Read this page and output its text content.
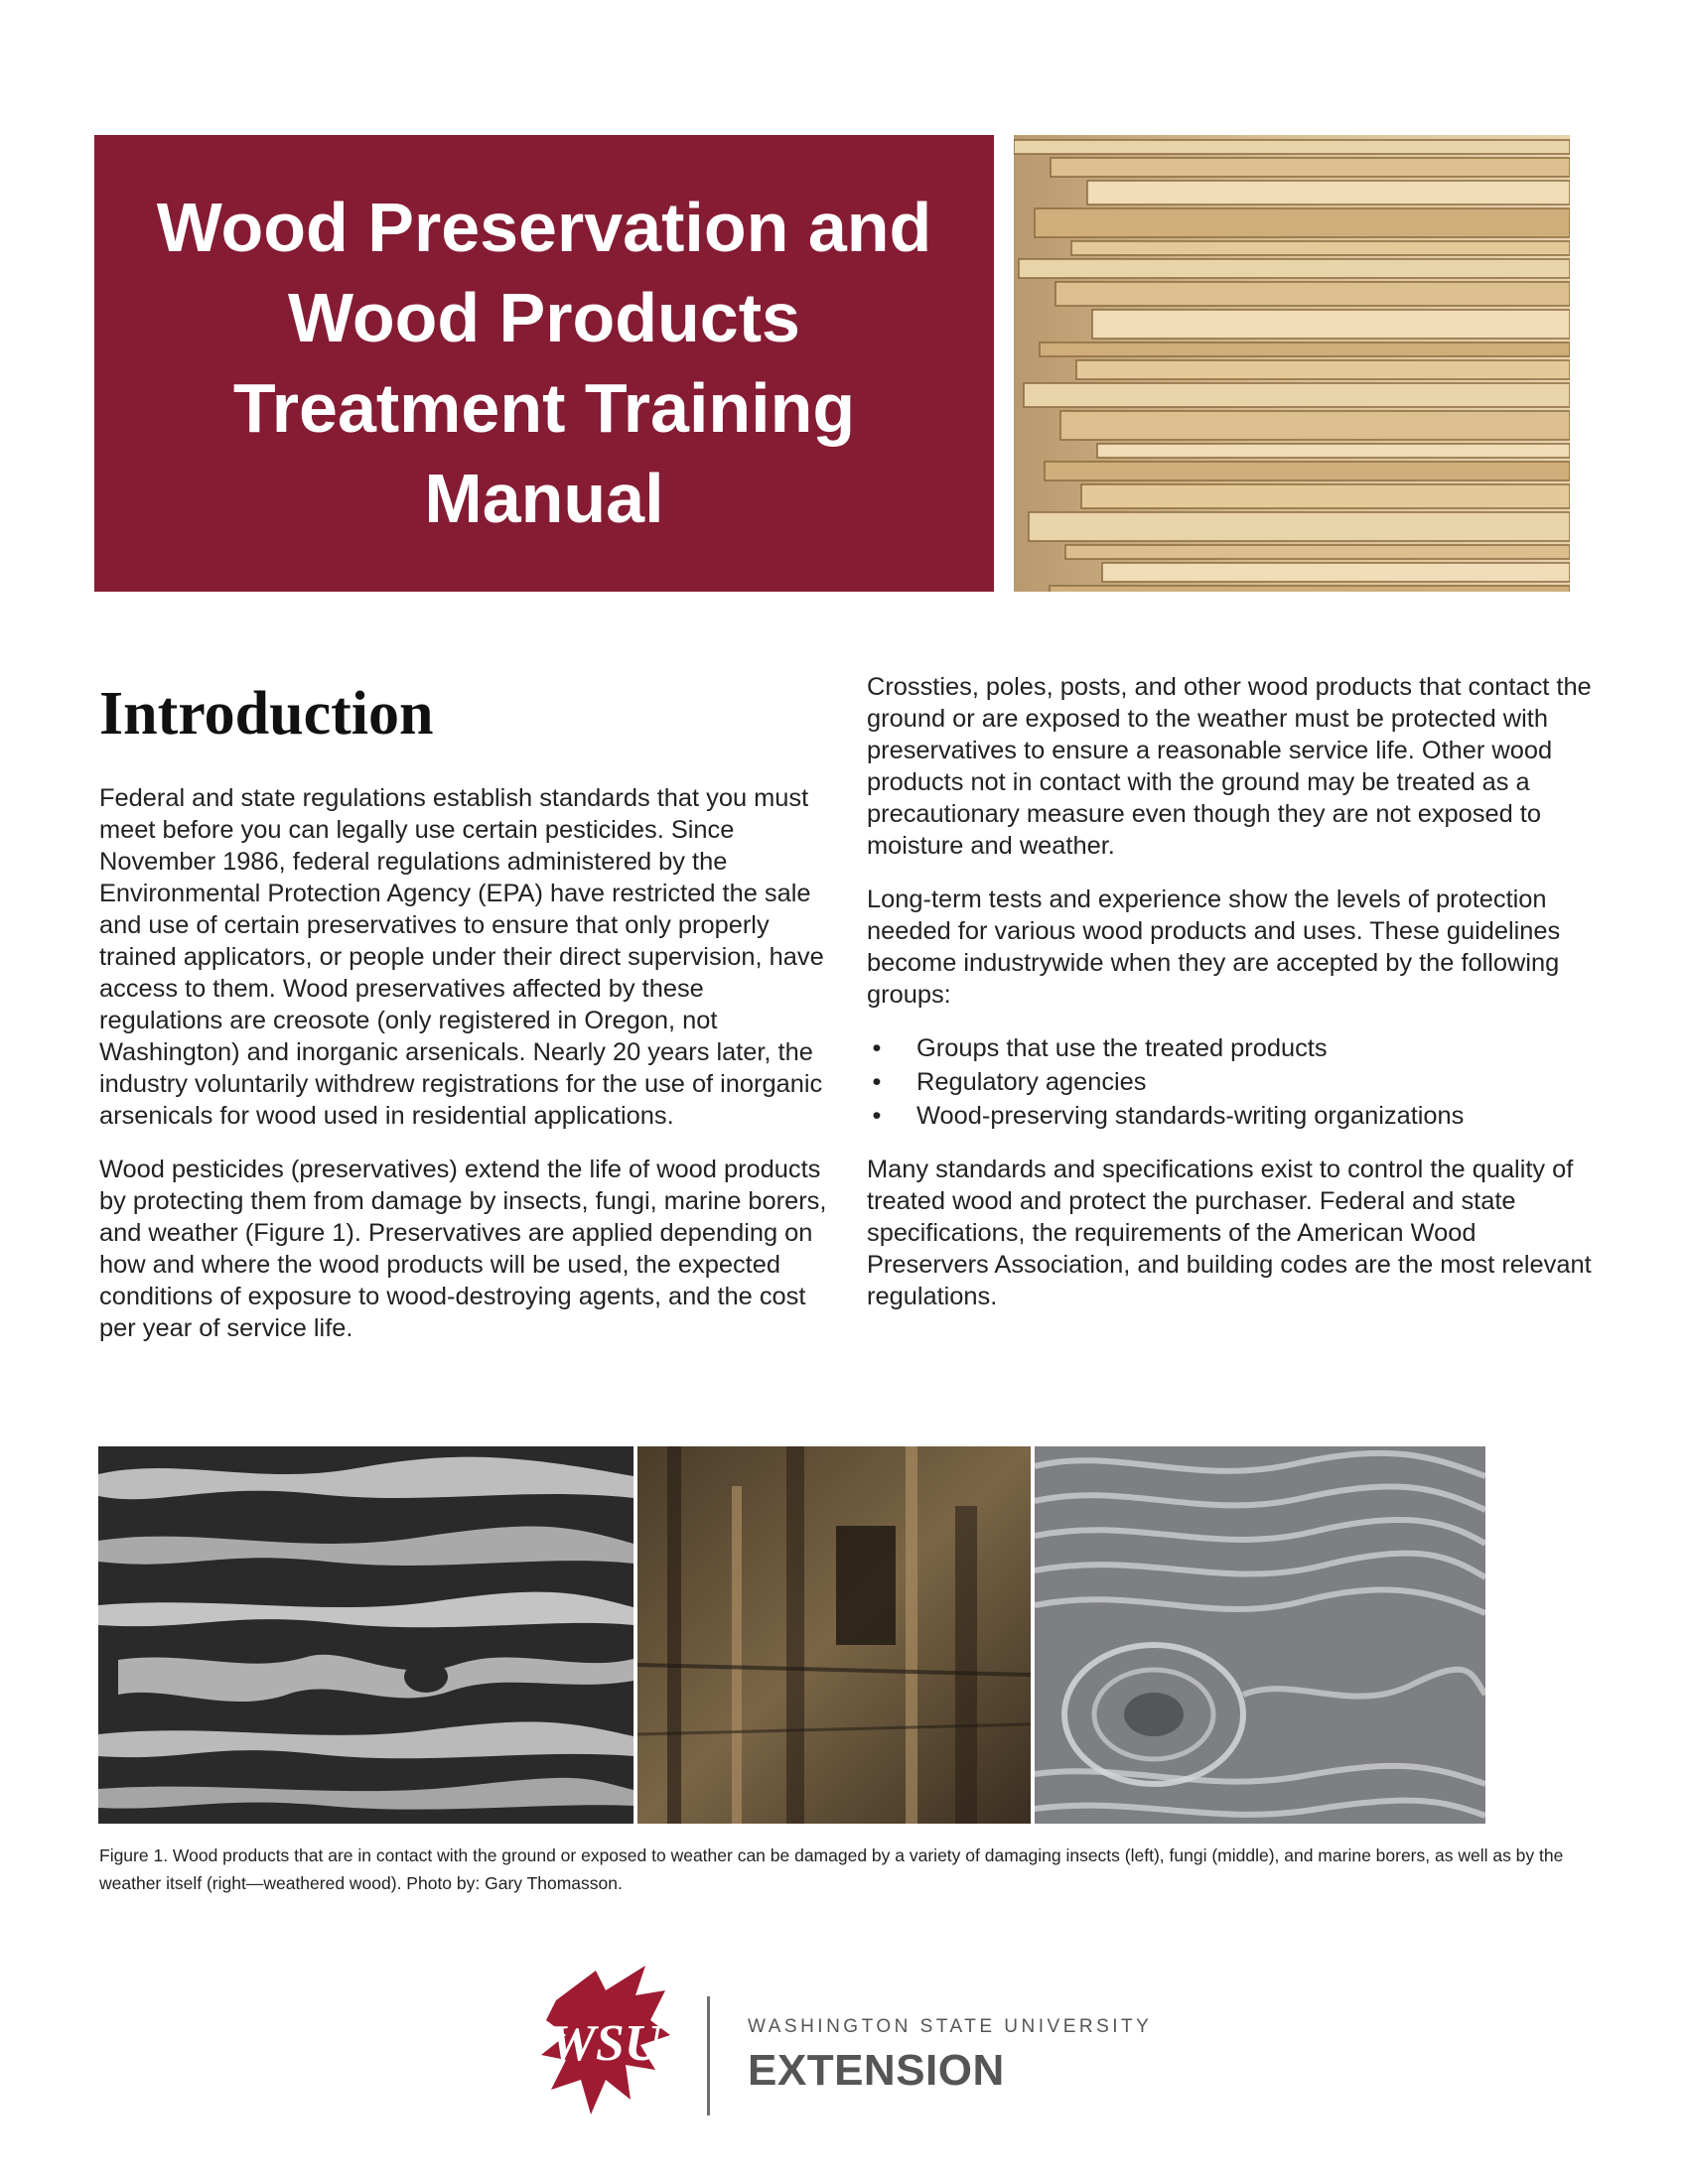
Wood Preservation and
Wood Products
Treatment Training
Manual
Introduction

Federal and state regulations establish standards that you must meet before you can legally use certain pesticides. Since November 1986, federal regulations administered by the Environmental Protection Agency (EPA) have restricted the sale and use of certain preservatives to ensure that only properly trained applicators, or people under their direct supervision, have access to them. Wood preservatives affected by these regulations are creosote (only registered in Oregon, not Washington) and inorganic arsenicals. Nearly 20 years later, the industry voluntarily withdrew registrations for the use of inorganic arsenicals for wood used in residential applications.

Wood pesticides (preservatives) extend the life of wood products by protecting them from damage by insects, fungi, marine borers, and weather (Figure 1). Preservatives are applied depending on how and where the wood products will be used, the expected conditions of exposure to wood-destroying agents, and the cost per year of service life.

Crossties, poles, posts, and other wood products that contact the ground or are exposed to the weather must be protected with preservatives to ensure a reasonable service life. Other wood products not in contact with the ground may be treated as a precautionary measure even though they are not exposed to moisture and weather.

Long-term tests and experience show the levels of protection needed for various wood products and uses. These guidelines become industrywide when they are accepted by the following groups:

• Groups that use the treated products
• Regulatory agencies
• Wood-preserving standards-writing organizations

Many standards and specifications exist to control the quality of treated wood and protect the purchaser. Federal and state specifications, the requirements of the American Wood Preservers Association, and building codes are the most relevant regulations.

Figure 1. Wood products that are in contact with the ground or exposed to weather can be damaged by a variety of damaging insects (left), fungi (middle), and marine borers, as well as by the weather itself (right—weathered wood). Photo by: Gary Thomasson.
WSU	WASHINGTON STATE UNIVERSITY
EXTENSION
